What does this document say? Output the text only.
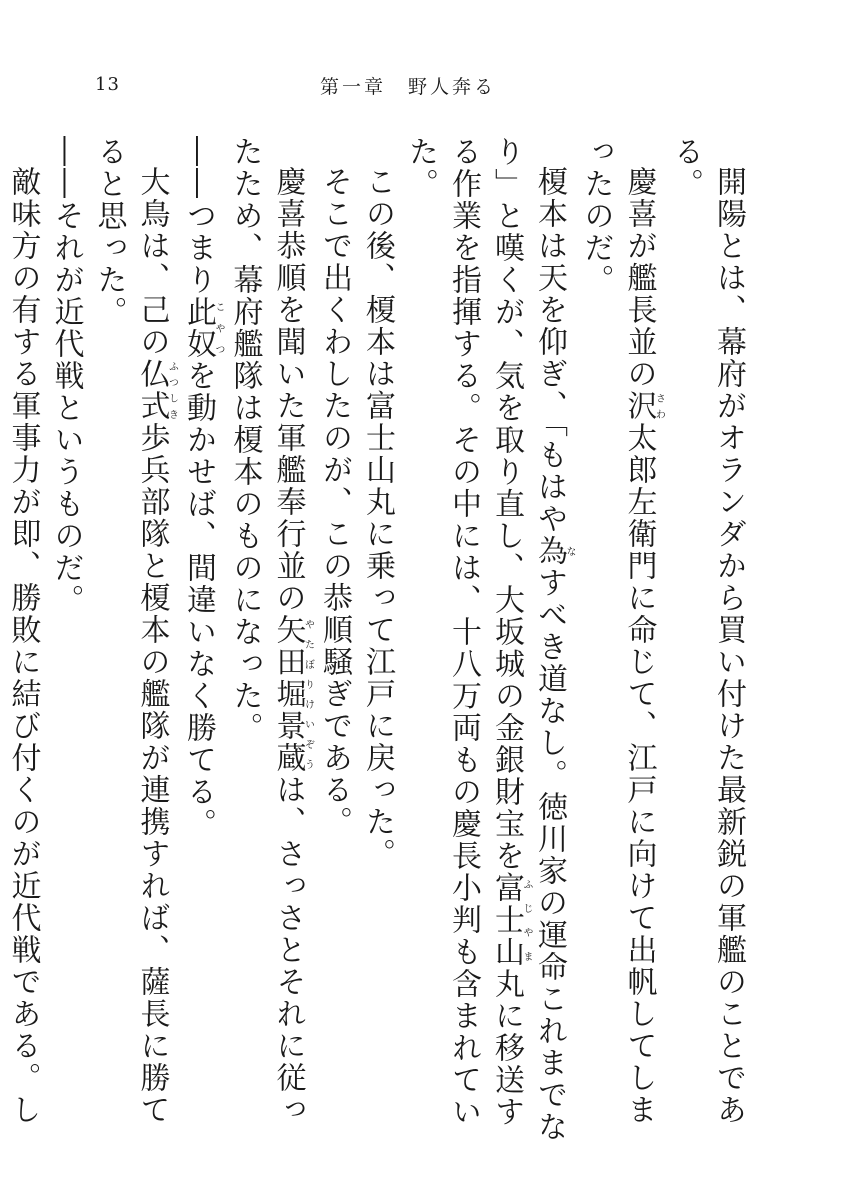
13	第一章　野人奔る

開陽とは、幕府がオランダから買い付けた最新鋭の軍艦のことである。

慶喜が艦長並の沢さわ太郎左衛門に命じて、江戸に向けて出帆してしまったのだ。

榎本は天を仰ぎ、「もはや為なすべき道なし。徳川家の運命これまでなり」と嘆くが、気を取り直し、大坂城の金銀財宝を富士山ふじやま丸に移送する作業を指揮する。その中には、十八万両もの慶長小判も含まれていた。

この後、榎本は富士山丸に乗って江戸に戻った。

そこで出くわしたのが、この恭順騒ぎである。

慶喜恭順を聞いた軍艦奉行並の矢田堀景蔵やたぼりけいぞうは、さっさとそれに従ったため、幕府艦隊は榎本のものになった。

――つまり此奴こやつを動かせば、間違いなく勝てる。

大鳥は、己の仏式ふつしき歩兵部隊と榎本の艦隊が連携すれば、薩長に勝てると思った。

――それが近代戦というものだ。

敵味方の有する軍事力が即、勝敗に結び付くのが近代戦である。し
